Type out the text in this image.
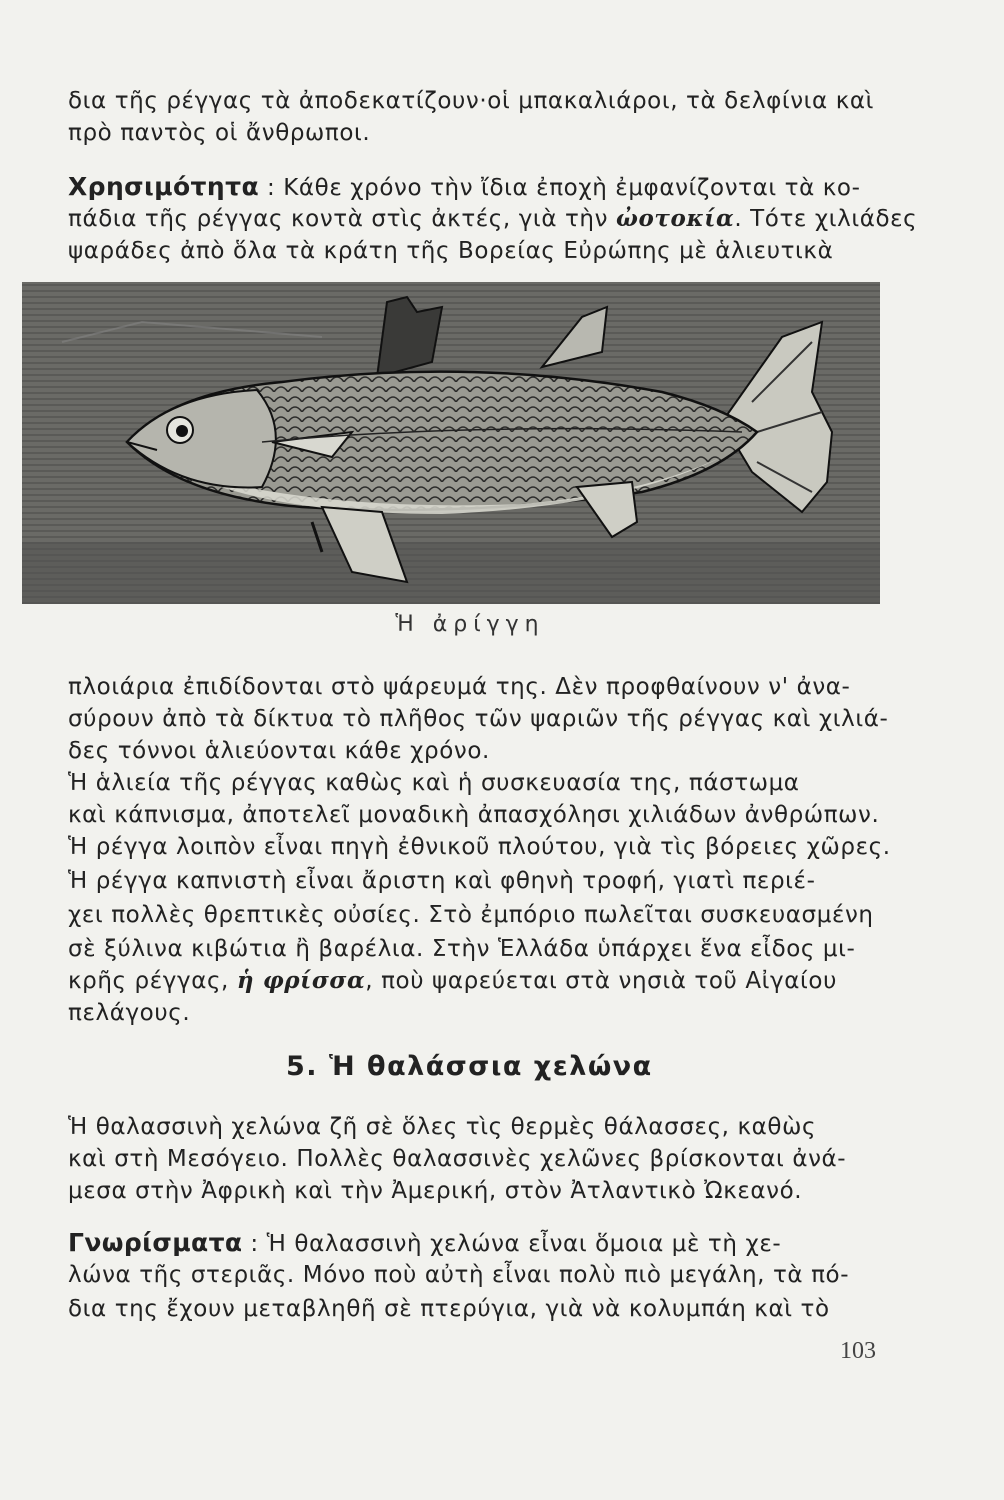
δια τῆς ρέγγας τὰ ἀποδεκατίζουν·οἱ μπακαλιάροι, τὰ δελφίνια καὶ
πρὸ παντὸς οἱ ἄνθρωποι.
Χρησιμότητα : Κάθε χρόνο τὴν ἴδια ἐποχὴ ἐμφανίζονται τὰ κο-
πάδια τῆς ρέγγας κοντὰ στὶς ἀκτές, γιὰ τὴν ὠοτοκία. Τότε χιλιάδες
ψαράδες ἀπὸ ὅλα τὰ κράτη τῆς Βορείας Εὐρώπης μὲ ἁλιευτικὰ
Ἡ ἀρίγγη
πλοιάρια ἐπιδίδονται στὸ ψάρευμά της. Δὲν προφθαίνουν ν' ἀνα-
σύρουν ἀπὸ τὰ δίκτυα τὸ πλῆθος τῶν ψαριῶν τῆς ρέγγας καὶ χιλιά-
δες τόννοι ἁλιεύονται κάθε χρόνο.
Ἡ ἁλιεία τῆς ρέγγας καθὼς καὶ ἡ συσκευασία της, πάστωμα
καὶ κάπνισμα, ἀποτελεῖ μοναδικὴ ἀπασχόλησι χιλιάδων ἀνθρώπων.
Ἡ ρέγγα λοιπὸν εἶναι πηγὴ ἐθνικοῦ πλούτου, γιὰ τὶς βόρειες χῶρες.
Ἡ ρέγγα καπνιστὴ εἶναι ἄριστη καὶ φθηνὴ τροφή, γιατὶ περιέ-
χει πολλὲς θρεπτικὲς οὐσίες. Στὸ ἐμπόριο πωλεῖται συσκευασμένη
σὲ ξύλινα κιβώτια ἢ βαρέλια. Στὴν Ἑλλάδα ὑπάρχει ἕνα εἶδος μι-
κρῆς ρέγγας, ἡ φρίσσα, ποὺ ψαρεύεται στὰ νησιὰ τοῦ Αἰγαίου
πελάγους.
5. Ἡ θαλάσσια χελώνα
Ἡ θαλασσινὴ χελώνα ζῆ σὲ ὅλες τὶς θερμὲς θάλασσες, καθὼς
καὶ στὴ Μεσόγειο. Πολλὲς θαλασσινὲς χελῶνες βρίσκονται ἀνά-
μεσα στὴν Ἀφρικὴ καὶ τὴν Ἀμερική, στὸν Ἀτλαντικὸ Ὠκεανό.
Γνωρίσματα : Ἡ θαλασσινὴ χελώνα εἶναι ὅμοια μὲ τὴ χε-
λώνα τῆς στεριᾶς. Μόνο ποὺ αὐτὴ εἶναι πολὺ πιὸ μεγάλη, τὰ πό-
δια της ἔχουν μεταβληθῆ σὲ πτερύγια, γιὰ νὰ κολυμπάη καὶ τὸ
103
